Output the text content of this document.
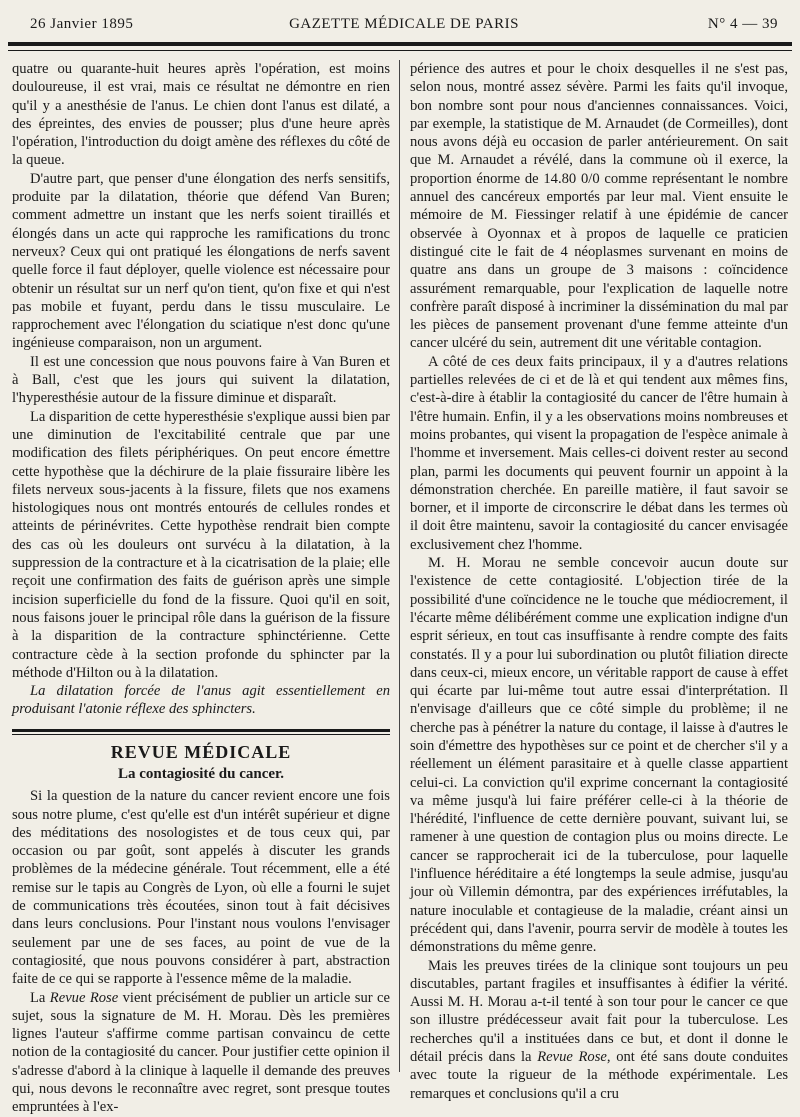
26 Janvier 1895	GAZETTE MÉDICALE DE PARIS	N° 4 — 39

quatre ou quarante-huit heures après l'opération, est moins douloureuse, il est vrai, mais ce résultat ne démontre en rien qu'il y a anesthésie de l'anus. Le chien dont l'anus est dilaté, a des épreintes, des envies de pousser; plus d'une heure après l'opération, l'introduction du doigt amène des réflexes du côté de la queue.

D'autre part, que penser d'une élongation des nerfs sensitifs, produite par la dilatation, théorie que défend Van Buren; comment admettre un instant que les nerfs soient tiraillés et élongés dans un acte qui rapproche les ramifications du tronc nerveux? Ceux qui ont pratiqué les élongations de nerfs savent quelle force il faut déployer, quelle violence est nécessaire pour obtenir un résultat sur un nerf qu'on tient, qu'on fixe et qui n'est pas mobile et fuyant, perdu dans le tissu musculaire. Le rapprochement avec l'élongation du sciatique n'est donc qu'une ingénieuse comparaison, non un argument.

Il est une concession que nous pouvons faire à Van Buren et à Ball, c'est que les jours qui suivent la dilatation, l'hyperesthésie autour de la fissure diminue et disparaît.

La disparition de cette hyperesthésie s'explique aussi bien par une diminution de l'excitabilité centrale que par une modification des filets périphériques. On peut encore émettre cette hypothèse que la déchirure de la plaie fissuraire libère les filets nerveux sous-jacents à la fissure, filets que nos examens histologiques nous ont montrés entourés de cellules rondes et atteints de périnévrites. Cette hypothèse rendrait bien compte des cas où les douleurs ont survécu à la dilatation, à la suppression de la contracture et à la cicatrisation de la plaie; elle reçoit une confirmation des faits de guérison après une simple incision superficielle du fond de la fissure. Quoi qu'il en soit, nous faisons jouer le principal rôle dans la guérison de la fissure à la disparition de la contracture sphinctérienne. Cette contracture cède à la section profonde du sphincter par la méthode d'Hilton ou à la dilatation.

La dilatation forcée de l'anus agit essentiellement en produisant l'atonie réflexe des sphincters.

REVUE MÉDICALE
La contagiosité du cancer.

Si la question de la nature du cancer revient encore une fois sous notre plume, c'est qu'elle est d'un intérêt supérieur et digne des méditations des nosologistes et de tous ceux qui, par occasion ou par goût, sont appelés à discuter les grands problèmes de la médecine générale. Tout récemment, elle a été remise sur le tapis au Congrès de Lyon, où elle a fourni le sujet de communications très écoutées, sinon tout à fait décisives dans leurs conclusions. Pour l'instant nous voulons l'envisager seulement par une de ses faces, au point de vue de la contagiosité, que nous pouvons considérer à part, abstraction faite de ce qui se rapporte à l'essence même de la maladie.

La Revue Rose vient précisément de publier un article sur ce sujet, sous la signature de M. H. Morau. Dès les premières lignes l'auteur s'affirme comme partisan convaincu de cette notion de la contagiosité du cancer. Pour justifier cette opinion il s'adresse d'abord à la clinique à laquelle il demande des preuves qui, nous devons le reconnaître avec regret, sont presque toutes empruntées à l'ex-

périence des autres et pour le choix desquelles il ne s'est pas, selon nous, montré assez sévère. Parmi les faits qu'il invoque, bon nombre sont pour nous d'anciennes connaissances. Voici, par exemple, la statistique de M. Arnaudet (de Cormeilles), dont nous avons déjà eu occasion de parler antérieurement. On sait que M. Arnaudet a révélé, dans la commune où il exerce, la proportion énorme de 14.80 0/0 comme représentant le nombre annuel des cancéreux emportés par leur mal. Vient ensuite le mémoire de M. Fiessinger relatif à une épidémie de cancer observée à Oyonnax et à propos de laquelle ce praticien distingué cite le fait de 4 néoplasmes survenant en moins de quatre ans dans un groupe de 3 maisons : coïncidence assurément remarquable, pour l'explication de laquelle notre confrère paraît disposé à incriminer la dissémination du mal par les pièces de pansement provenant d'une femme atteinte d'un cancer ulcéré du sein, autrement dit une véritable contagion.

A côté de ces deux faits principaux, il y a d'autres relations partielles relevées de ci et de là et qui tendent aux mêmes fins, c'est-à-dire à établir la contagiosité du cancer de l'être humain à l'être humain. Enfin, il y a les observations moins nombreuses et moins probantes, qui visent la propagation de l'espèce animale à l'homme et inversement. Mais celles-ci doivent rester au second plan, parmi les documents qui peuvent fournir un appoint à la démonstration cherchée. En pareille matière, il faut savoir se borner, et il importe de circonscrire le débat dans les termes où il doit être maintenu, savoir la contagiosité du cancer envisagée exclusivement chez l'homme.

M. H. Morau ne semble concevoir aucun doute sur l'existence de cette contagiosité. L'objection tirée de la possibilité d'une coïncidence ne le touche que médiocrement, il l'écarte même délibérément comme une explication indigne d'un esprit sérieux, en tout cas insuffisante à rendre compte des faits constatés. Il y a pour lui subordination ou plutôt filiation directe dans ceux-ci, mieux encore, un véritable rapport de cause à effet qui écarte par lui-même tout autre essai d'interprétation. Il n'envisage d'ailleurs que ce côté simple du problème; il ne cherche pas à pénétrer la nature du contage, il laisse à d'autres le soin d'émettre des hypothèses sur ce point et de chercher s'il y a réellement un élément parasitaire et à quelle classe appartient celui-ci. La conviction qu'il exprime concernant la contagiosité va même jusqu'à lui faire préférer celle-ci à la théorie de l'hérédité, l'influence de cette dernière pouvant, suivant lui, se ramener à une question de contagion plus ou moins directe. Le cancer se rapprocherait ici de la tuberculose, pour laquelle l'influence héréditaire a été longtemps la seule admise, jusqu'au jour où Villemin démontra, par des expériences irréfutables, la nature inoculable et contagieuse de la maladie, créant ainsi un précédent qui, dans l'avenir, pourra servir de modèle à toutes les démonstrations du même genre.

Mais les preuves tirées de la clinique sont toujours un peu discutables, partant fragiles et insuffisantes à édifier la vérité. Aussi M. H. Morau a-t-il tenté à son tour pour le cancer ce que son illustre prédécesseur avait fait pour la tuberculose. Les recherches qu'il a instituées dans ce but, et dont il donne le détail précis dans la Revue Rose, ont été sans doute conduites avec toute la rigueur de la méthode expérimentale. Les remarques et conclusions qu'il a cru
